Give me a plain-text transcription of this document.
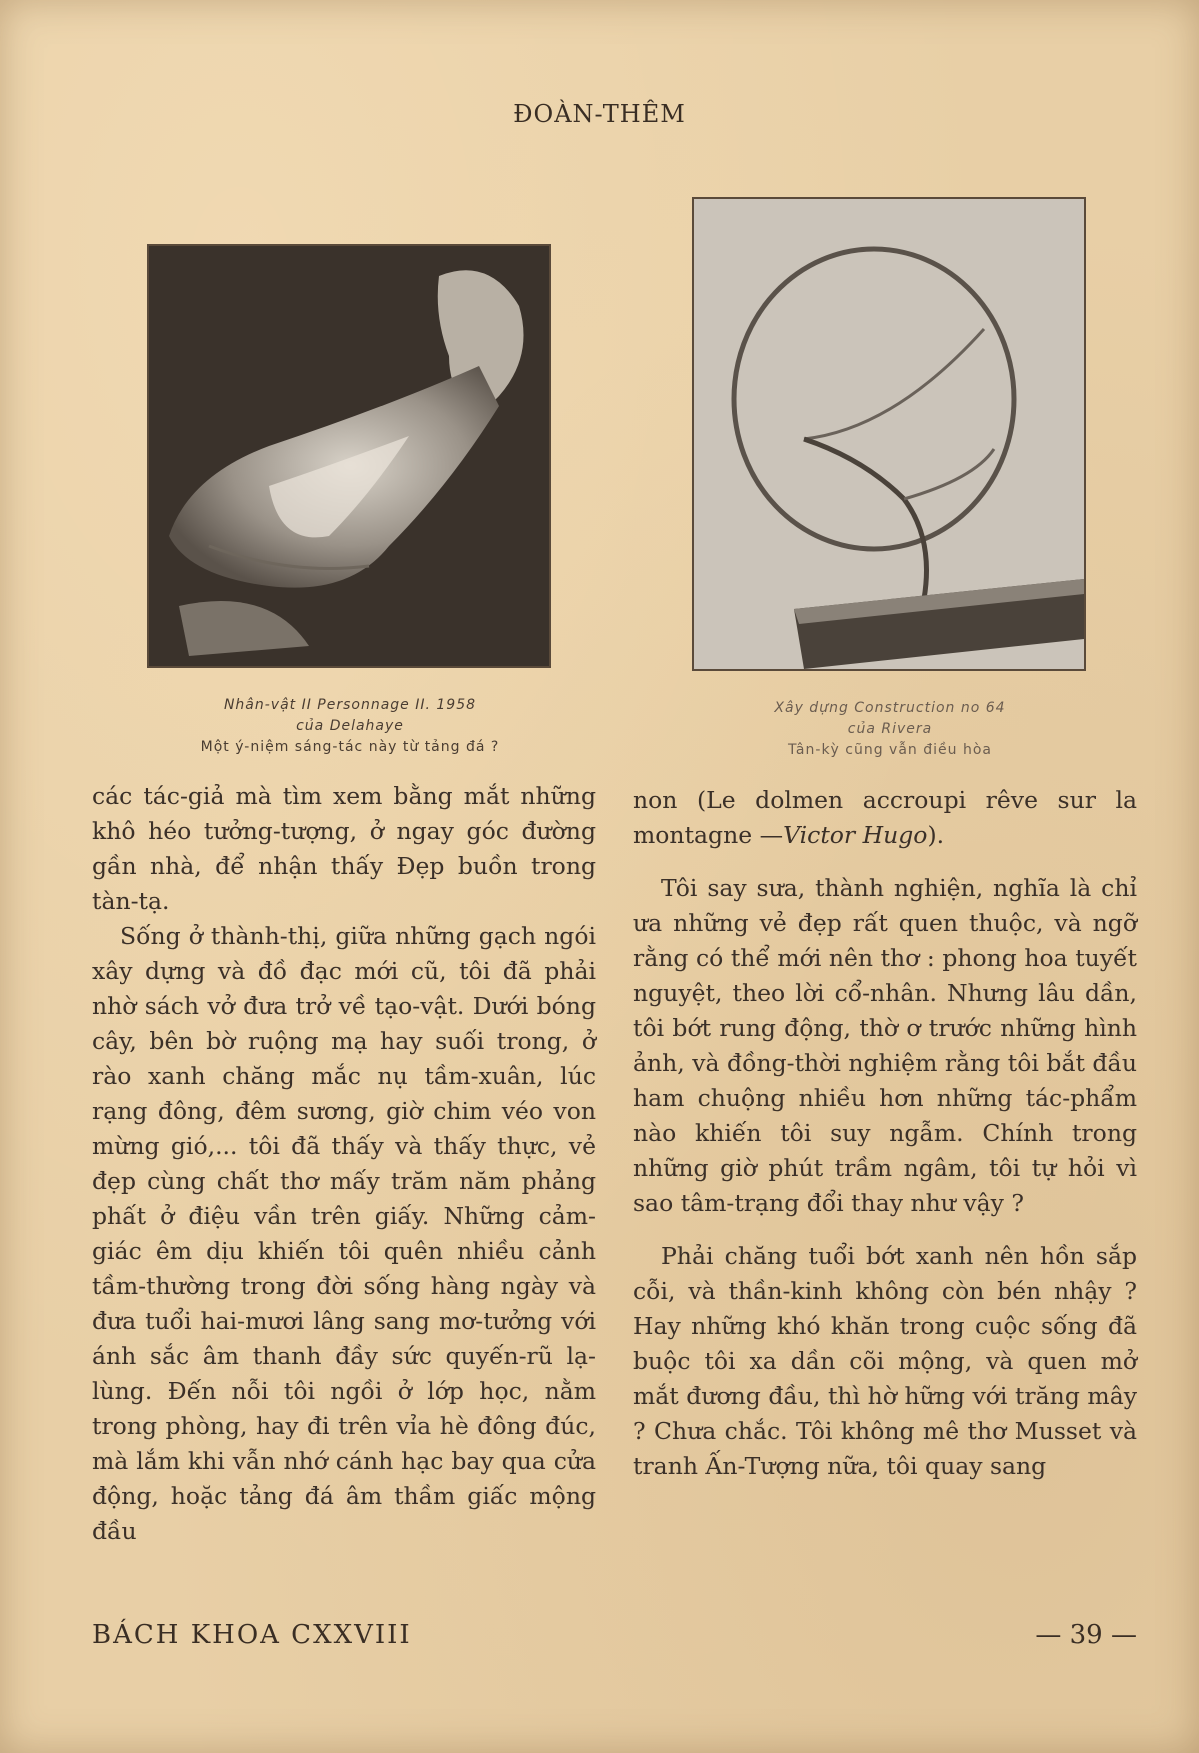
ĐOÀN-THÊM
Nhân-vật II Personnage II. 1958
của Delahaye
Một ý-niệm sáng-tác này từ tảng đá ?
Xây dựng Construction no 64
của Rivera
Tân-kỳ cũng vẫn điều hòa

các tác-giả mà tìm xem bằng mắt những khô héo tưởng-tượng, ở ngay góc đường gần nhà, để nhận thấy Đẹp buồn trong tàn-tạ.

Sống ở thành-thị, giữa những gạch ngói xây dựng và đồ đạc mới cũ, tôi đã phải nhờ sách vở đưa trở về tạo-vật. Dưới bóng cây, bên bờ ruộng mạ hay suối trong, ở rào xanh chăng mắc nụ tầm-xuân, lúc rạng đông, đêm sương, giờ chim véo von mừng gió,... tôi đã thấy và thấy thực, vẻ đẹp cùng chất thơ mấy trăm năm phảng phất ở điệu vần trên giấy. Những cảm-giác êm dịu khiến tôi quên nhiều cảnh tầm-thường trong đời sống hàng ngày và đưa tuổi hai-mươi lâng sang mơ-tưởng với ánh sắc âm thanh đầy sức quyến-rũ lạ-lùng. Đến nỗi tôi ngồi ở lớp học, nằm trong phòng, hay đi trên vỉa hè đông đúc, mà lắm khi vẫn nhớ cánh hạc bay qua cửa động, hoặc tảng đá âm thầm giấc mộng đầu

non (Le dolmen accroupi rêve sur la montagne —Victor Hugo).

Tôi say sưa, thành nghiện, nghĩa là chỉ ưa những vẻ đẹp rất quen thuộc, và ngỡ rằng có thể mới nên thơ : phong hoa tuyết nguyệt, theo lời cổ-nhân. Nhưng lâu dần, tôi bớt rung động, thờ ơ trước những hình ảnh, và đồng-thời nghiệm rằng tôi bắt đầu ham chuộng nhiều hơn những tác-phẩm nào khiến tôi suy ngẫm. Chính trong những giờ phút trầm ngâm, tôi tự hỏi vì sao tâm-trạng đổi thay như vậy ?

Phải chăng tuổi bớt xanh nên hồn sắp cỗi, và thần-kinh không còn bén nhậy ? Hay những khó khăn trong cuộc sống đã buộc tôi xa dần cõi mộng, và quen mở mắt đương đầu, thì hờ hững với trăng mây ? Chưa chắc. Tôi không mê thơ Musset và tranh Ấn-Tượng nữa, tôi quay sang

BÁCH KHOA CXXVIII	— 39 —
